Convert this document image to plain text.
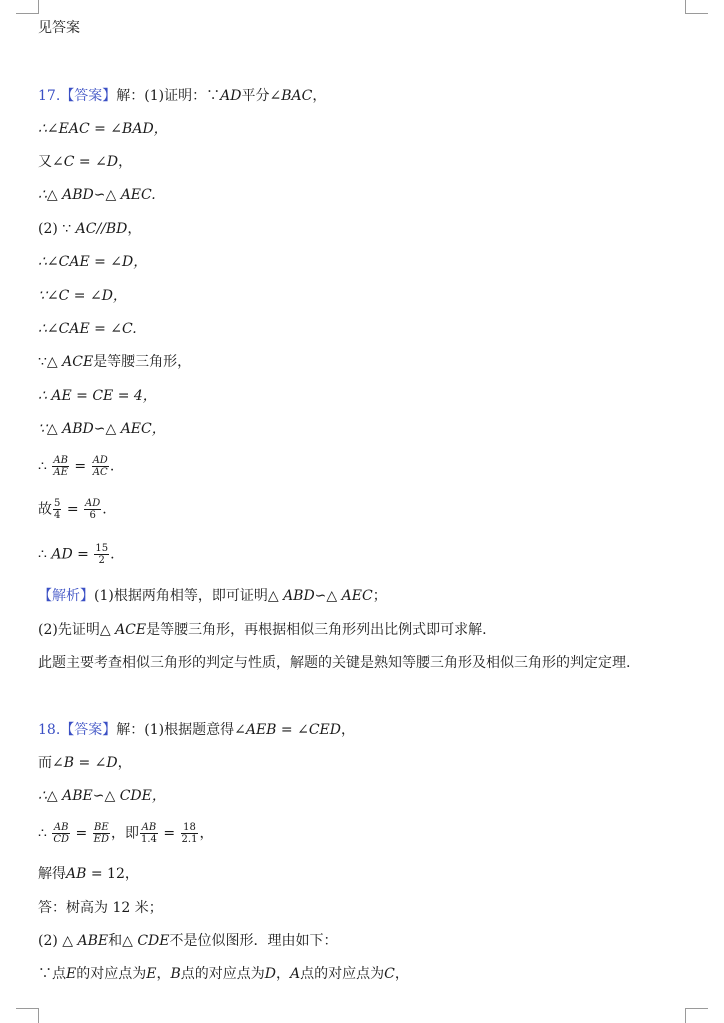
见答案
17.【答案】解：(1)证明：∵AD平分∠BAC，
∴∠EAC = ∠BAD，
又∠C = ∠D，
∴△ ABD∽△ AEC.
(2) ∵ AC//BD，
∴∠CAE = ∠D，
∵∠C = ∠D，
∴∠CAE = ∠C.
∵△ ACE是等腰三角形，
∴ AE = CE = 4，
∵△ ABD∽△ AEC，
∴ $\frac{AB}{AE} = \frac{AD}{AC}$ .
故 $\frac{5}{4} = \frac{AD}{6}$ .
∴ AD = $\frac{15}{2}$ .
【解析】(1)根据两角相等，即可证明△ ABD∽△ AEC；
(2)先证明△ ACE是等腰三角形，再根据相似三角形列出比例式即可求解.
此题主要考查相似三角形的判定与性质，解题的关键是熟知等腰三角形及相似三角形的判定定理.
18.【答案】解：(1)根据题意得∠AEB = ∠CED，
而∠B = ∠D，
∴△ ABE∽△ CDE，
∴ $\frac{AB}{CD} = \frac{BE}{ED}$ ，即 $\frac{AB}{1.4} = \frac{18}{2.1}$ ，
解得AB = 12，
答：树高为 12 米；
(2) △ ABE和△ CDE不是位似图形．理由如下：
∵点E的对应点为E，B点的对应点为D，A点的对应点为C，
